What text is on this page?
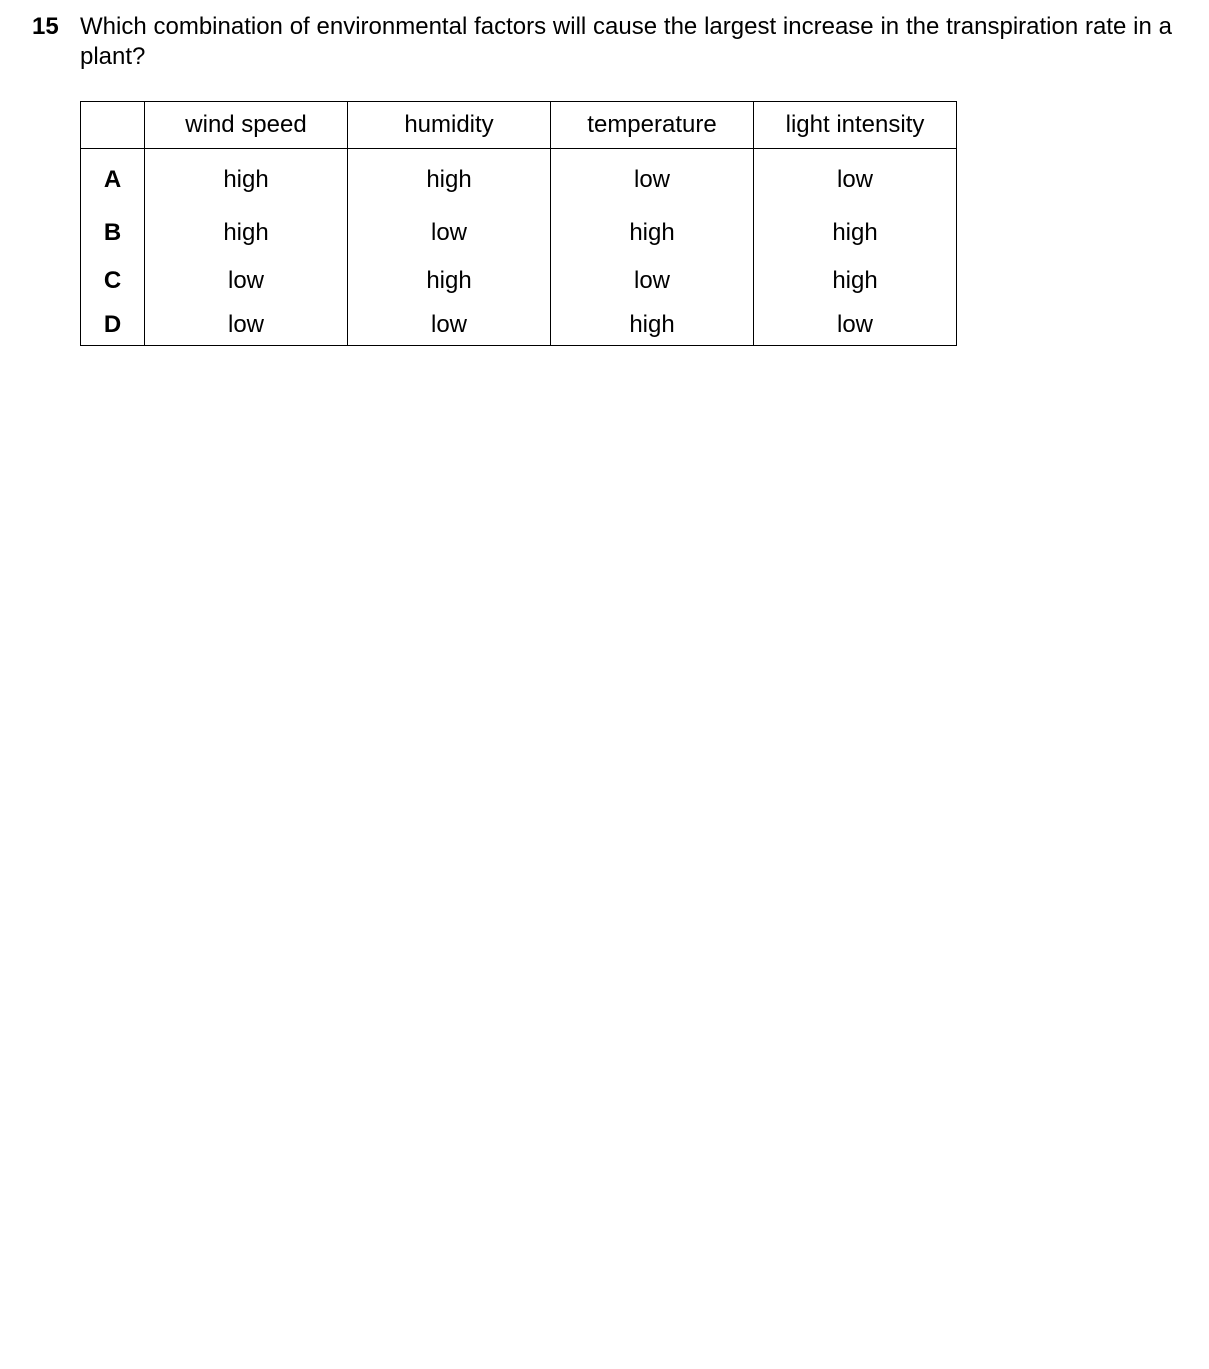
15 Which combination of environmental factors will cause the largest increase in the transpiration rate in a plant?
	wind speed	humidity	temperature	light intensity
A	high	high	low	low
B	high	low	high	high
C	low	high	low	high
D	low	low	high	low
